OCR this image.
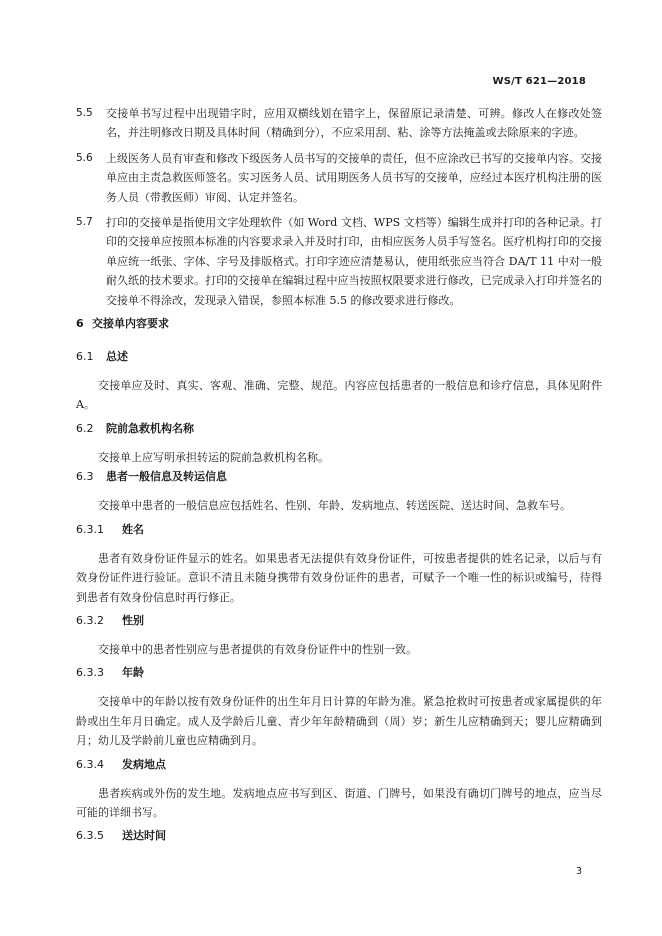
WS/T 621—2018
5.5	交接单书写过程中出现错字时，应用双横线划在错字上，保留原记录清楚、可辨。修改人在修改处签名，并注明修改日期及具体时间（精确到分），不应采用刮、粘、涂等方法掩盖或去除原来的字迹。
5.6	上级医务人员有审查和修改下级医务人员书写的交接单的责任，但不应涂改已书写的交接单内容。交接单应由主责急救医师签名。实习医务人员、试用期医务人员书写的交接单，应经过本医疗机构注册的医务人员（带教医师）审阅、认定并签名。
5.7	打印的交接单是指使用文字处理软件（如 Word 文档、WPS 文档等）编辑生成并打印的各种记录。打印的交接单应按照本标准的内容要求录入并及时打印，由相应医务人员手写签名。医疗机构打印的交接单应统一纸张、字体、字号及排版格式。打印字迹应清楚易认，使用纸张应当符合 DA/T 11 中对一般耐久纸的技术要求。打印的交接单在编辑过程中应当按照权限要求进行修改，已完成录入打印并签名的交接单不得涂改，发现录入错误，参照本标准 5.5 的修改要求进行修改。
6 交接单内容要求
6.1	总述

交接单应及时、真实、客观、准确、完整、规范。内容应包括患者的一般信息和诊疗信息，具体见附件 A。

6.2	院前急救机构名称

交接单上应写明承担转运的院前急救机构名称。

6.3	患者一般信息及转运信息

交接单中患者的一般信息应包括姓名、性别、年龄、发病地点、转送医院、送达时间、急救车号。

6.3.1	姓名

患者有效身份证件显示的姓名。如果患者无法提供有效身份证件，可按患者提供的姓名记录，以后与有效身份证件进行验证。意识不清且未随身携带有效身份证件的患者，可赋予一个唯一性的标识或编号，待得到患者有效身份信息时再行修正。

6.3.2	性别

交接单中的患者性别应与患者提供的有效身份证件中的性别一致。

6.3.3	年龄

交接单中的年龄以按有效身份证件的出生年月日计算的年龄为准。紧急抢救时可按患者或家属提供的年龄或出生年月日确定。成人及学龄后儿童、青少年年龄精确到（周）岁；新生儿应精确到天；婴儿应精确到月；幼儿及学龄前儿童也应精确到月。

6.3.4	发病地点

患者疾病或外伤的发生地。发病地点应书写到区、街道、门牌号，如果没有确切门牌号的地点，应当尽可能的详细书写。

6.3.5	送达时间
3
